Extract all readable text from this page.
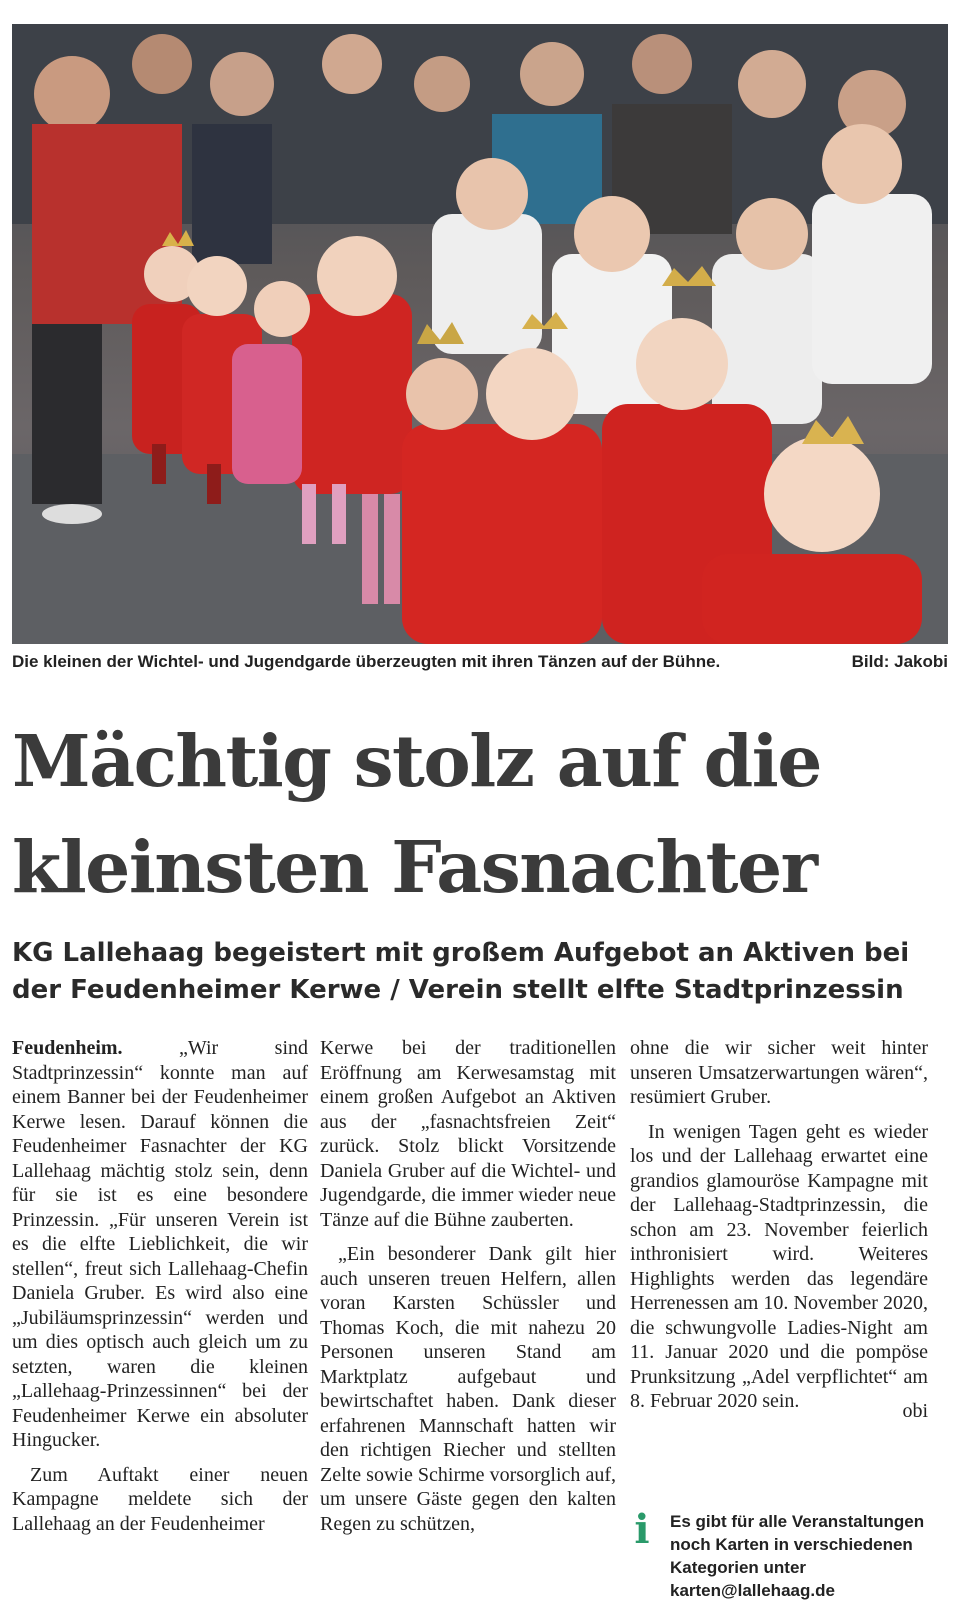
Die kleinen der Wichtel- und Jugendgarde überzeugten mit ihren Tänzen auf der Bühne.	Bild: Jakobi
Mächtig stolz auf die
kleinsten Fasnachter
KG Lallehaag begeistert mit großem Aufgebot an Aktiven bei
der Feudenheimer Kerwe / Verein stellt elfte Stadtprinzessin

Feudenheim.	„Wir sind Stadtprinzessin“ konnte man auf einem Banner bei der Feudenheimer Kerwe lesen. Darauf können die Feudenheimer Fasnachter der KG Lallehaag mächtig stolz sein, denn für sie ist es eine besondere Prinzessin. „Für unseren Verein ist es die elfte Lieblichkeit, die wir stellen“, freut sich Lallehaag-Chefin Daniela Gruber. Es wird also eine „Jubiläumsprinzessin“ werden und um dies optisch auch gleich um zu setzten, waren die kleinen „Lallehaag-Prinzessinnen“ bei der Feudenheimer Kerwe ein absoluter Hingucker.

Zum Auftakt einer neuen Kampagne meldete sich der Lallehaag an der Feudenheimer

Kerwe bei der traditionellen Eröffnung am Kerwesamstag mit einem großen Aufgebot an Aktiven aus der „fasnachtsfreien Zeit“ zurück. Stolz blickt Vorsitzende Daniela Gruber auf die Wichtel- und Jugendgarde, die immer wieder neue Tänze auf die Bühne zauberten.

„Ein besonderer Dank gilt hier auch unseren treuen Helfern, allen voran Karsten Schüssler und Thomas Koch, die mit nahezu 20 Personen unseren Stand am Marktplatz aufgebaut und bewirtschaftet haben. Dank dieser erfahrenen Mannschaft hatten wir den richtigen Riecher und stellten Zelte sowie Schirme vorsorglich auf, um unsere Gäste gegen den kalten Regen zu schützen,

ohne die wir sicher weit hinter unseren Umsatzerwartungen wären“, resümiert Gruber.

In wenigen Tagen geht es wieder los und der Lallehaag erwartet eine grandios glamouröse Kampagne mit der Lallehaag-Stadtprinzessin, die schon am 23. November feierlich inthronisiert wird. Weiteres Highlights werden das legendäre Herrenessen am 10. November 2020, die schwungvolle Ladies-Night am 11. Januar 2020 und die pompöse Prunksitzung „Adel verpflichtet“ am 8. Februar 2020 sein.	obi

i Es gibt für alle Veranstaltungen noch Karten in verschiedenen Kategorien unter karten@lallehaag.de
